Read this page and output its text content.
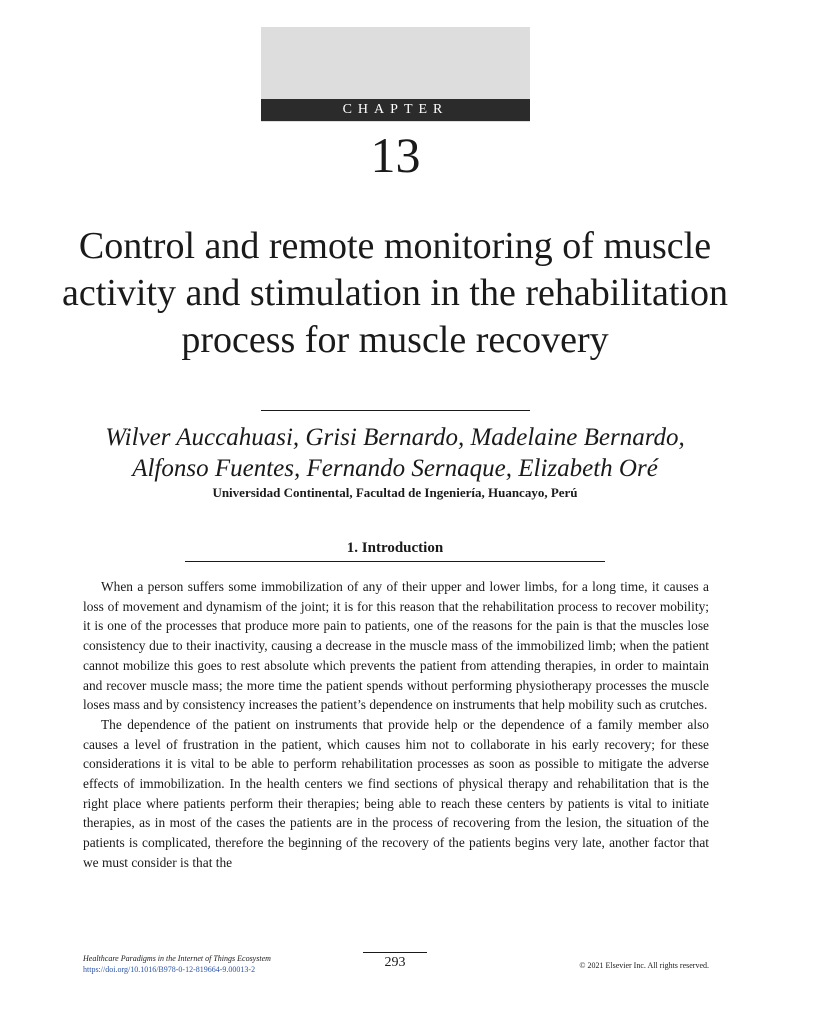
CHAPTER
13
Control and remote monitoring of muscle activity and stimulation in the rehabilitation process for muscle recovery
Wilver Auccahuasi, Grisi Bernardo, Madelaine Bernardo,
Alfonso Fuentes, Fernando Sernaque, Elizabeth Oré
Universidad Continental, Facultad de Ingeniería, Huancayo, Perú
1. Introduction

When a person suffers some immobilization of any of their upper and lower limbs, for a long time, it causes a loss of movement and dynamism of the joint; it is for this reason that the rehabilitation process to recover mobility; it is one of the processes that produce more pain to patients, one of the reasons for the pain is that the muscles lose consistency due to their inactivity, causing a decrease in the muscle mass of the immobilized limb; when the patient cannot mobilize this goes to rest absolute which prevents the patient from attending therapies, in order to maintain and recover muscle mass; the more time the patient spends without performing physiotherapy processes the muscle loses mass and by consistency increases the patient’s dependence on instruments that help mobility such as crutches.

The dependence of the patient on instruments that provide help or the dependence of a family member also causes a level of frustration in the patient, which causes him not to collaborate in his early recovery; for these considerations it is vital to be able to perform rehabilitation processes as soon as possible to mitigate the adverse effects of immobilization. In the health centers we find sections of physical therapy and rehabilitation that is the right place where patients perform their therapies; being able to reach these centers by patients is vital to initiate therapies, as in most of the cases the patients are in the process of recovering from the lesion, the situation of the patients is complicated, therefore the beginning of the recovery of the patients begins very late, another factor that we must consider is that the

Healthcare Paradigms in the Internet of Things Ecosystem
https://doi.org/10.1016/B978-0-12-819664-9.00013-2	293	© 2021 Elsevier Inc. All rights reserved.
